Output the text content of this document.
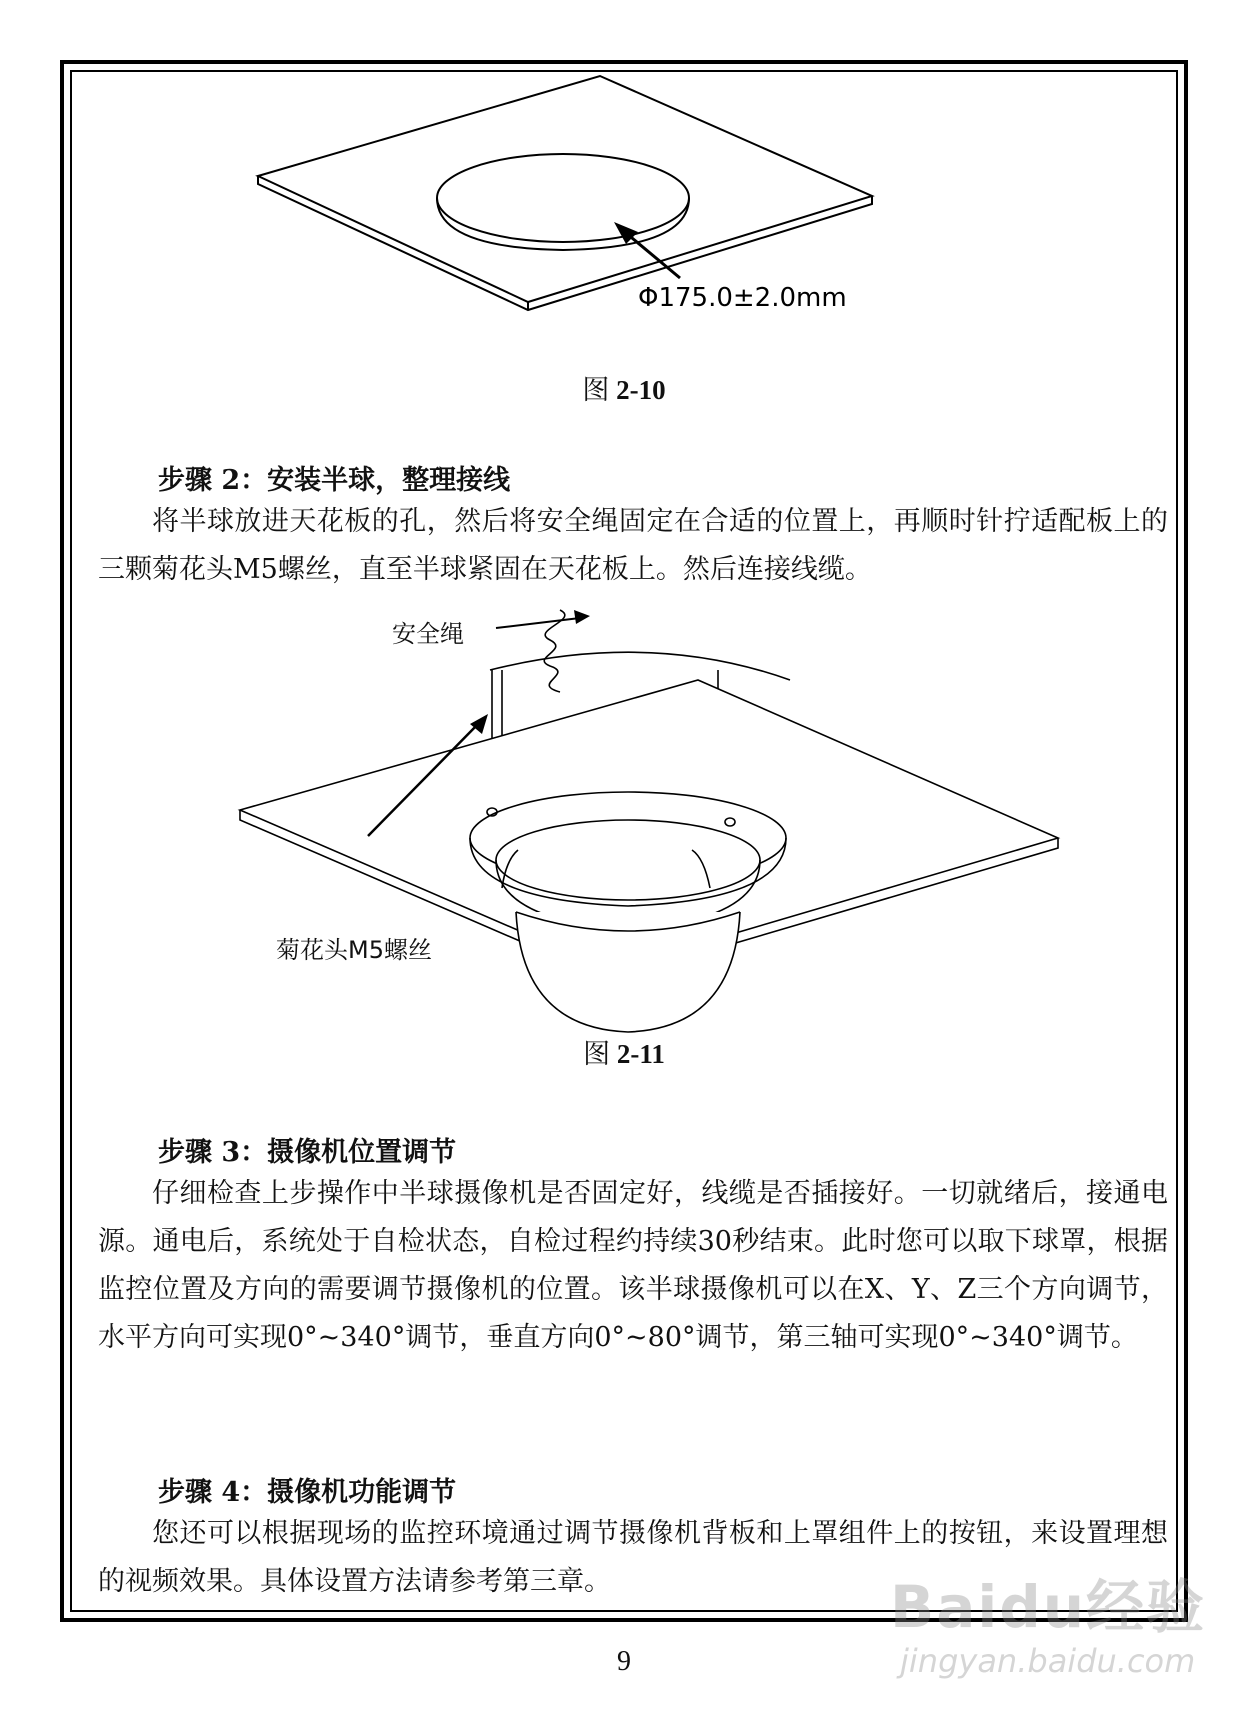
Φ175.0±2.0mm
图 2-10
步骤 2：安装半球，整理接线
将半球放进天花板的孔，然后将安全绳固定在合适的位置上，再顺时针拧适配板上的三颗菊花头M5螺丝，直至半球紧固在天花板上。然后连接线缆。
安全绳
菊花头M5螺丝
图 2-11
步骤 3：摄像机位置调节
仔细检查上步操作中半球摄像机是否固定好，线缆是否插接好。一切就绪后，接通电源。通电后，系统处于自检状态，自检过程约持续30秒结束。此时您可以取下球罩，根据监控位置及方向的需要调节摄像机的位置。该半球摄像机可以在X、Y、Z三个方向调节，水平方向可实现0°~340°调节，垂直方向0°~80°调节，第三轴可实现0°~340°调节。
步骤 4：摄像机功能调节
您还可以根据现场的监控环境通过调节摄像机背板和上罩组件上的按钮，来设置理想的视频效果。具体设置方法请参考第三章。
9
Baidu经验
jingyan.baidu.com
